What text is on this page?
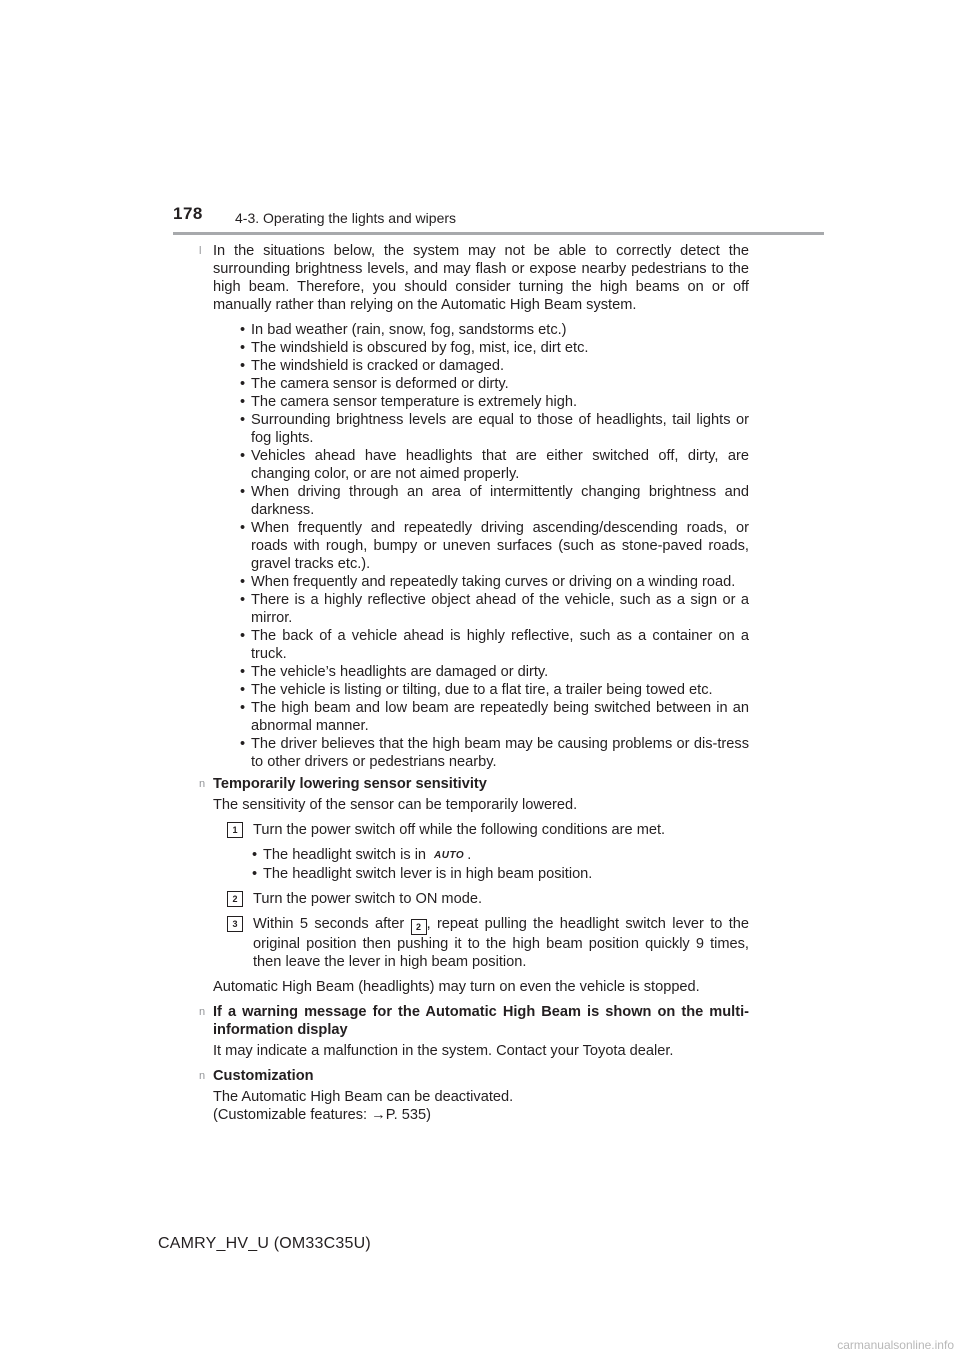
178 4-3. Operating the lights and wipers

l In the situations below, the system may not be able to correctly detect the surrounding brightness levels, and may flash or expose nearby pedestrians to the high beam. Therefore, you should consider turning the high beams on or off manually rather than relying on the Automatic High Beam system.

• In bad weather (rain, snow, fog, sandstorms etc.)
• The windshield is obscured by fog, mist, ice, dirt etc.
• The windshield is cracked or damaged.
• The camera sensor is deformed or dirty.
• The camera sensor temperature is extremely high.
• Surrounding brightness levels are equal to those of headlights, tail lights or fog lights.
• Vehicles ahead have headlights that are either switched off, dirty, are changing color, or are not aimed properly.
• When driving through an area of intermittently changing brightness and darkness.
• When frequently and repeatedly driving ascending/descending roads, or roads with rough, bumpy or uneven surfaces (such as stone-paved roads, gravel tracks etc.).
• When frequently and repeatedly taking curves or driving on a winding road.
• There is a highly reflective object ahead of the vehicle, such as a sign or a mirror.
• The back of a vehicle ahead is highly reflective, such as a container on a truck.
• The vehicle’s headlights are damaged or dirty.
• The vehicle is listing or tilting, due to a flat tire, a trailer being towed etc.
• The high beam and low beam are repeatedly being switched between in an abnormal manner.
• The driver believes that the high beam may be causing problems or dis-tress to other drivers or pedestrians nearby.

n Temporarily lowering sensor sensitivity

The sensitivity of the sensor can be temporarily lowered.

1	Turn the power switch off while the following conditions are met.
• The headlight switch is in AUTO .
• The headlight switch lever is in high beam position.
2	Turn the power switch to ON mode.
3	Within 5 seconds after 2 , repeat pulling the headlight switch lever to the original position then pushing it to the high beam position quickly 9 times, then leave the lever in high beam position.

Automatic High Beam (headlights) may turn on even the vehicle is stopped.

n If a warning message for the Automatic High Beam is shown on the multi-information display

It may indicate a malfunction in the system. Contact your Toyota dealer.

n Customization

The Automatic High Beam can be deactivated.

(Customizable features: →P. 535)

CAMRY_HV_U (OM33C35U)
carmanualsonline.info
